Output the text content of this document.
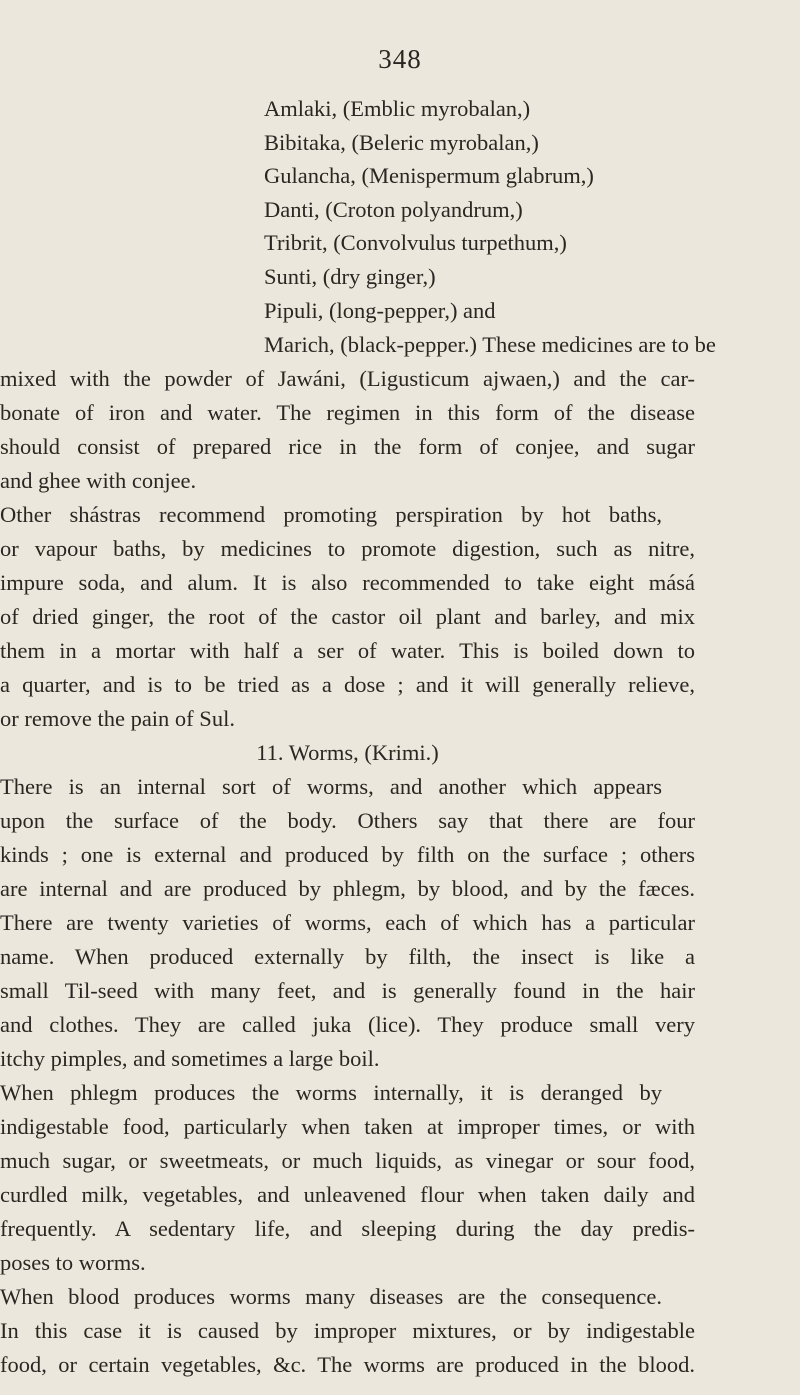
348
Amlaki, (Emblic myrobalan,)
Bibitaka, (Beleric myrobalan,)
Gulancha, (Menispermum glabrum,)
Danti, (Croton polyandrum,)
Tribrit, (Convolvulus turpethum,)
Sunti, (dry ginger,)
Pipuli, (long-pepper,) and
Marich, (black-pepper.) These medicines are to be
mixed with the powder of Jawáni, (Ligusticum ajwaen,) and the car-
bonate of iron and water. The regimen in this form of the disease
should consist of prepared rice in the form of conjee, and sugar
and ghee with conjee.
Other shástras recommend promoting perspiration by hot baths,
or vapour baths, by medicines to promote digestion, such as nitre,
impure soda, and alum. It is also recommended to take eight másá
of dried ginger, the root of the castor oil plant and barley, and mix
them in a mortar with half a ser of water. This is boiled down to
a quarter, and is to be tried as a dose ; and it will generally relieve,
or remove the pain of Sul.
11. Worms, (Krimi.)
There is an internal sort of worms, and another which appears
upon the surface of the body. Others say that there are four
kinds ; one is external and produced by filth on the surface ; others
are internal and are produced by phlegm, by blood, and by the fæces.
There are twenty varieties of worms, each of which has a particular
name. When produced externally by filth, the insect is like a
small Til-seed with many feet, and is generally found in the hair
and clothes. They are called juka (lice). They produce small very
itchy pimples, and sometimes a large boil.
When phlegm produces the worms internally, it is deranged by
indigestable food, particularly when taken at improper times, or with
much sugar, or sweetmeats, or much liquids, as vinegar or sour food,
curdled milk, vegetables, and unleavened flour when taken daily and
frequently. A sedentary life, and sleeping during the day predis-
poses to worms.
When blood produces worms many diseases are the consequence.
In this case it is caused by improper mixtures, or by indigestable
food, or certain vegetables, &c. The worms are produced in the blood.
